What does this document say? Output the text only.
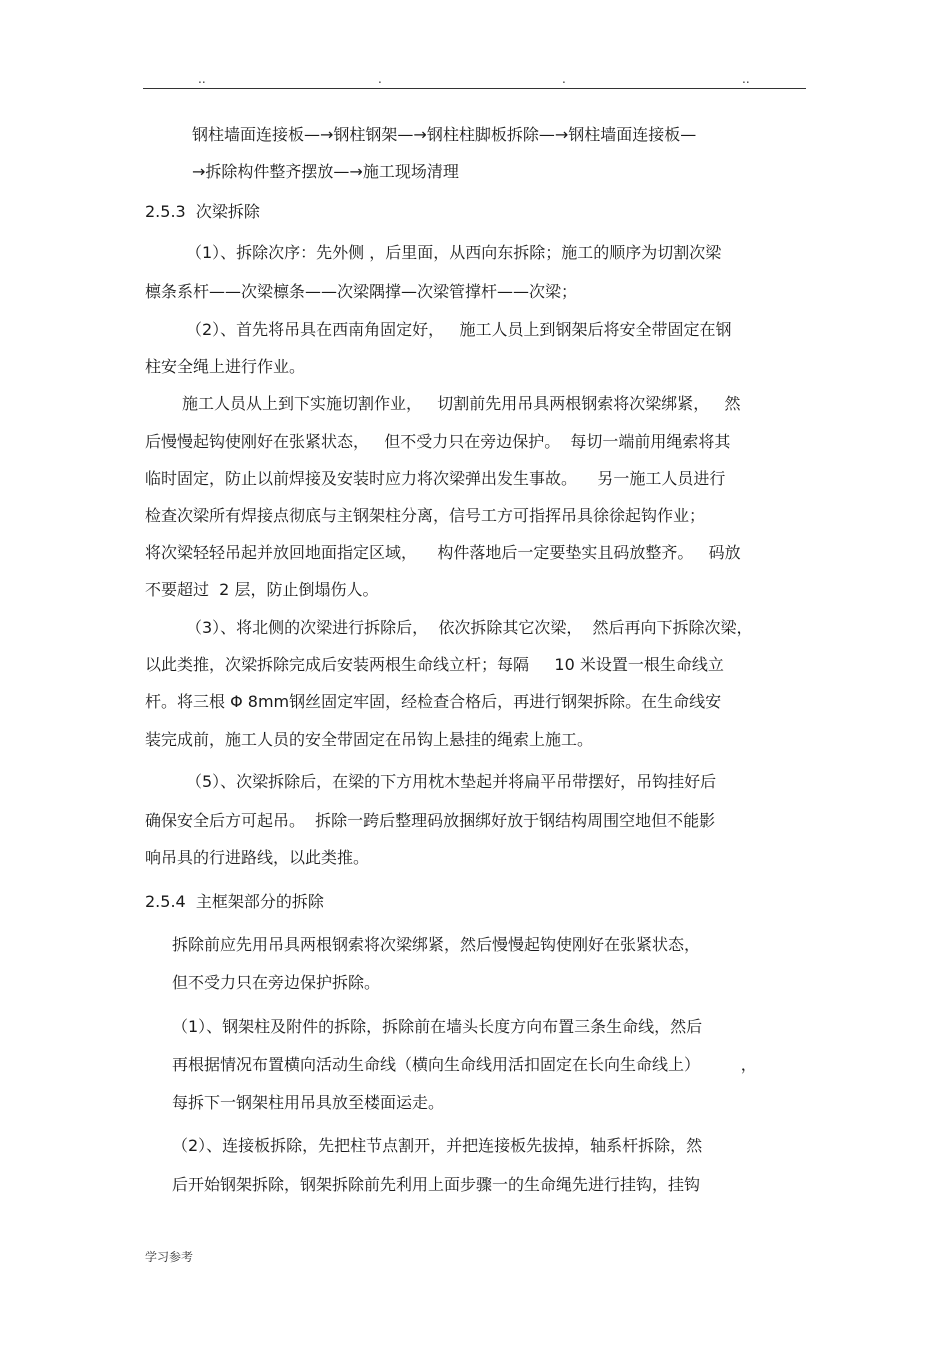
..	.	.	..
钢柱墙面连接板—→钢柱钢架—→钢柱柱脚板拆除—→钢柱墙面连接板—
→拆除构件整齐摆放—→施工现场清理
2.5.3  次梁拆除
（1）、拆除次序：先外侧 ，后里面，从西向东拆除；施工的顺序为切割次梁
檩条系杆——次梁檩条——次梁隅撑—次梁管撑杆——次梁；
（2）、首先将吊具在西南角固定好，   施工人员上到钢架后将安全带固定在钢
柱安全绳上进行作业。
施工人员从上到下实施切割作业，   切割前先用吊具两根钢索将次梁绑紧，   然
后慢慢起钩使刚好在张紧状态，   但不受力只在旁边保护。  每切一端前用绳索将其
临时固定，防止以前焊接及安装时应力将次梁弹出发生事故。    另一施工人员进行
检查次梁所有焊接点彻底与主钢架柱分离，信号工方可指挥吊具徐徐起钩作业；
将次梁轻轻吊起并放回地面指定区域，    构件落地后一定要垫实且码放整齐。   码放
不要超过  2 层，防止倒塌伤人。
（3）、将北侧的次梁进行拆除后，  依次拆除其它次梁，  然后再向下拆除次梁，
以此类推，次梁拆除完成后安装两根生命线立杆；每隔     10 米设置一根生命线立
杆。将三根 Φ 8mm钢丝固定牢固，经检查合格后，再进行钢架拆除。在生命线安
装完成前，施工人员的安全带固定在吊钩上悬挂的绳索上施工。
（5）、次梁拆除后，在梁的下方用枕木垫起并将扁平吊带摆好，吊钩挂好后
确保安全后方可起吊。  拆除一跨后整理码放捆绑好放于钢结构周围空地但不能影
响吊具的行进路线，以此类推。
2.5.4  主框架部分的拆除
拆除前应先用吊具两根钢索将次梁绑紧，然后慢慢起钩使刚好在张紧状态，
但不受力只在旁边保护拆除。
（1）、钢架柱及附件的拆除，拆除前在墙头长度方向布置三条生命线，然后
再根据情况布置横向活动生命线（横向生命线用活扣固定在长向生命线上）        ，
每拆下一钢架柱用吊具放至楼面运走。
（2）、连接板拆除，先把柱节点割开，并把连接板先拔掉，轴系杆拆除，然
后开始钢架拆除，钢架拆除前先利用上面步骤一的生命绳先进行挂钩，挂钩
学习参考
